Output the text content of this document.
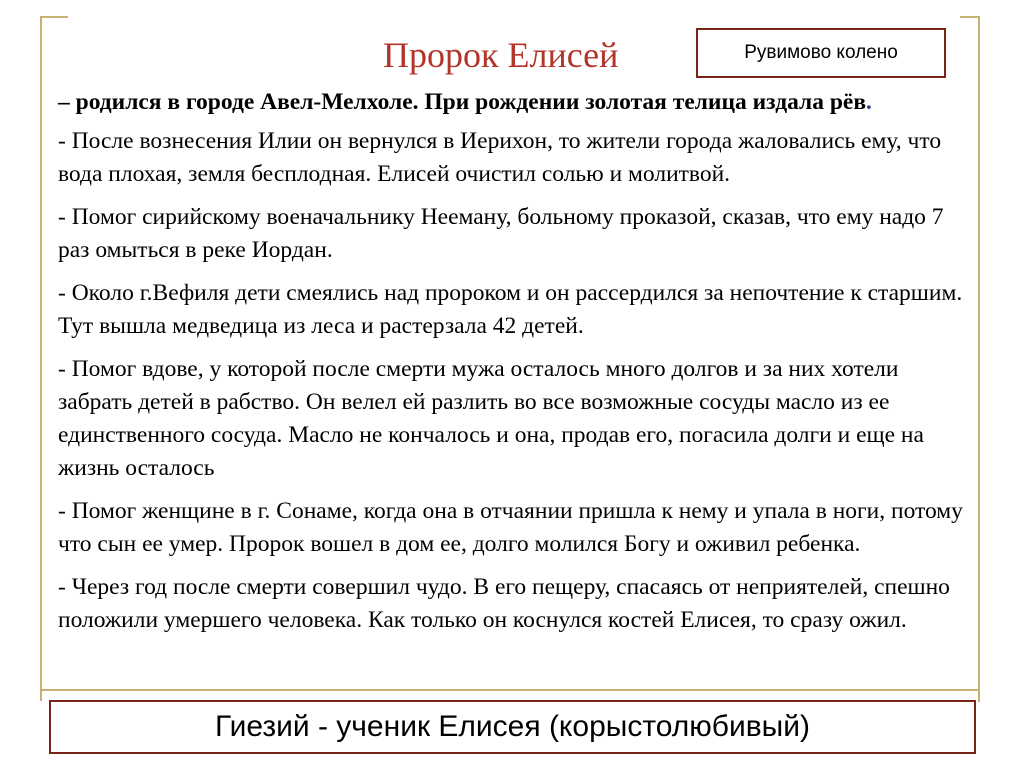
Пророк Елисей	Рувимово колено

– родился в городе Авел-Мелхоле. При рождении золотая телица издала рёв.

- После вознесения Илии он вернулся в Иерихон, то жители города жаловались ему, что вода плохая, земля бесплодная. Елисей очистил солью и молитвой.

- Помог сирийскому военачальнику Нееману, больному проказой, сказав, что ему надо 7 раз омыться в реке Иордан.

- Около г.Вефиля дети смеялись над пророком и он рассердился за непочтение к старшим. Тут вышла медведица из леса и растерзала 42 детей.

- Помог вдове, у которой после смерти мужа осталось много долгов и за них хотели забрать детей в рабство. Он велел ей разлить во все возможные сосуды масло из ее единственного сосуда. Масло не кончалось и она, продав его, погасила долги и еще на жизнь осталось

- Помог женщине в г. Сонаме, когда она в отчаянии пришла к нему и упала в ноги, потому что сын ее умер. Пророк вошел в дом ее, долго молился Богу и оживил ребенка.

- Через год после смерти совершил чудо. В его пещеру, спасаясь от неприятелей, спешно положили умершего человека. Как только он коснулся костей Елисея, то сразу ожил.

Гиезий - ученик Елисея (корыстолюбивый)
